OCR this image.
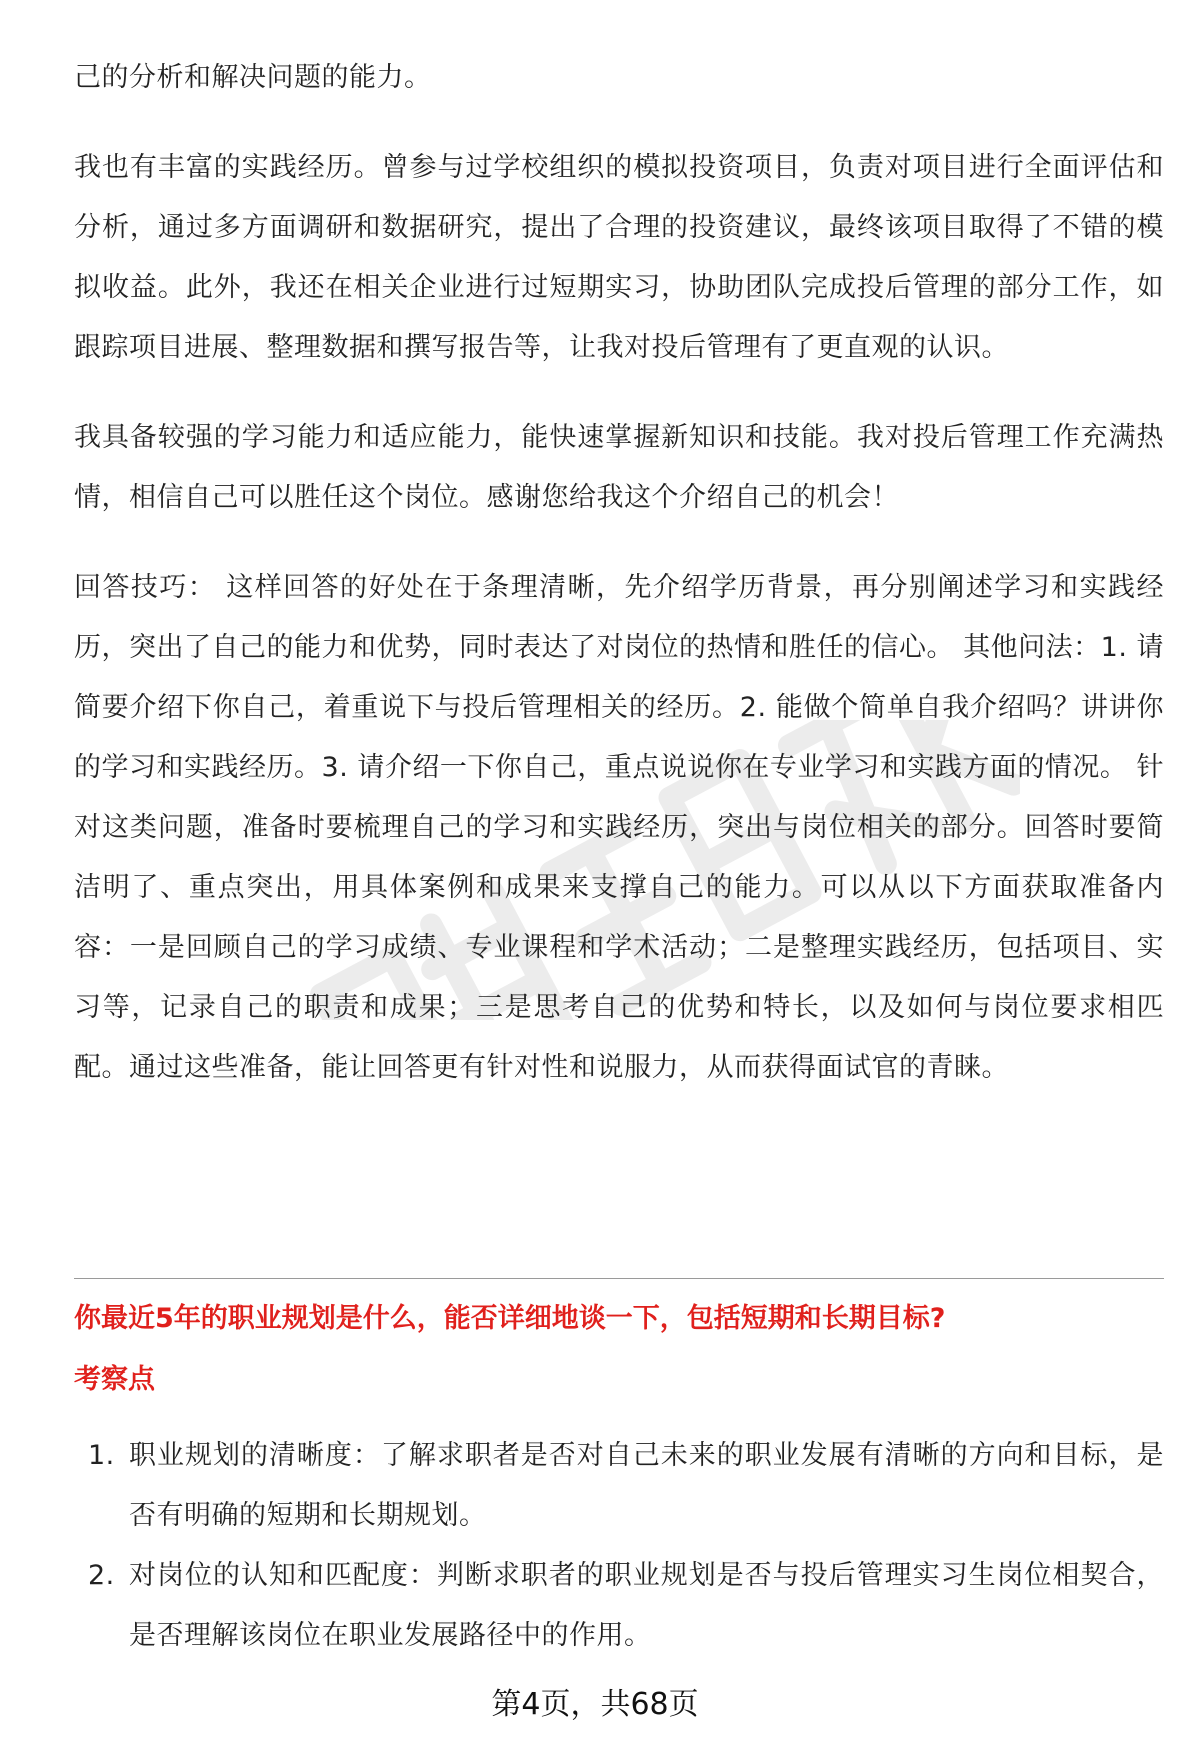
己的分析和解决问题的能力。

我也有丰富的实践经历。曾参与过学校组织的模拟投资项目，负责对项目进行全面评估和分析，通过多方面调研和数据研究，提出了合理的投资建议，最终该项目取得了不错的模拟收益。此外，我还在相关企业进行过短期实习，协助团队完成投后管理的部分工作，如跟踪项目进展、整理数据和撰写报告等，让我对投后管理有了更直观的认识。

我具备较强的学习能力和适应能力，能快速掌握新知识和技能。我对投后管理工作充满热情，相信自己可以胜任这个岗位。感谢您给我这个介绍自己的机会！

回答技巧： 这样回答的好处在于条理清晰，先介绍学历背景，再分别阐述学习和实践经历，突出了自己的能力和优势，同时表达了对岗位的热情和胜任的信心。 其他问法：1. 请简要介绍下你自己，着重说下与投后管理相关的经历。2. 能做个简单自我介绍吗？讲讲你的学习和实践经历。3. 请介绍一下你自己，重点说说你在专业学习和实践方面的情况。 针对这类问题，准备时要梳理自己的学习和实践经历，突出与岗位相关的部分。回答时要简洁明了、重点突出，用具体案例和成果来支撑自己的能力。可以从以下方面获取准备内容：一是回顾自己的学习成绩、专业课程和学术活动；二是整理实践经历，包括项目、实习等，记录自己的职责和成果；三是思考自己的优势和特长，以及如何与岗位要求相匹配。通过这些准备，能让回答更有针对性和说服力，从而获得面试官的青睐。

你最近5年的职业规划是什么，能否详细地谈一下，包括短期和长期目标?

考察点

1. 职业规划的清晰度：了解求职者是否对自己未来的职业发展有清晰的方向和目标，是否有明确的短期和长期规划。
2. 对岗位的认知和匹配度：判断求职者的职业规划是否与投后管理实习生岗位相契合，是否理解该岗位在职业发展路径中的作用。
第4页，共68页
